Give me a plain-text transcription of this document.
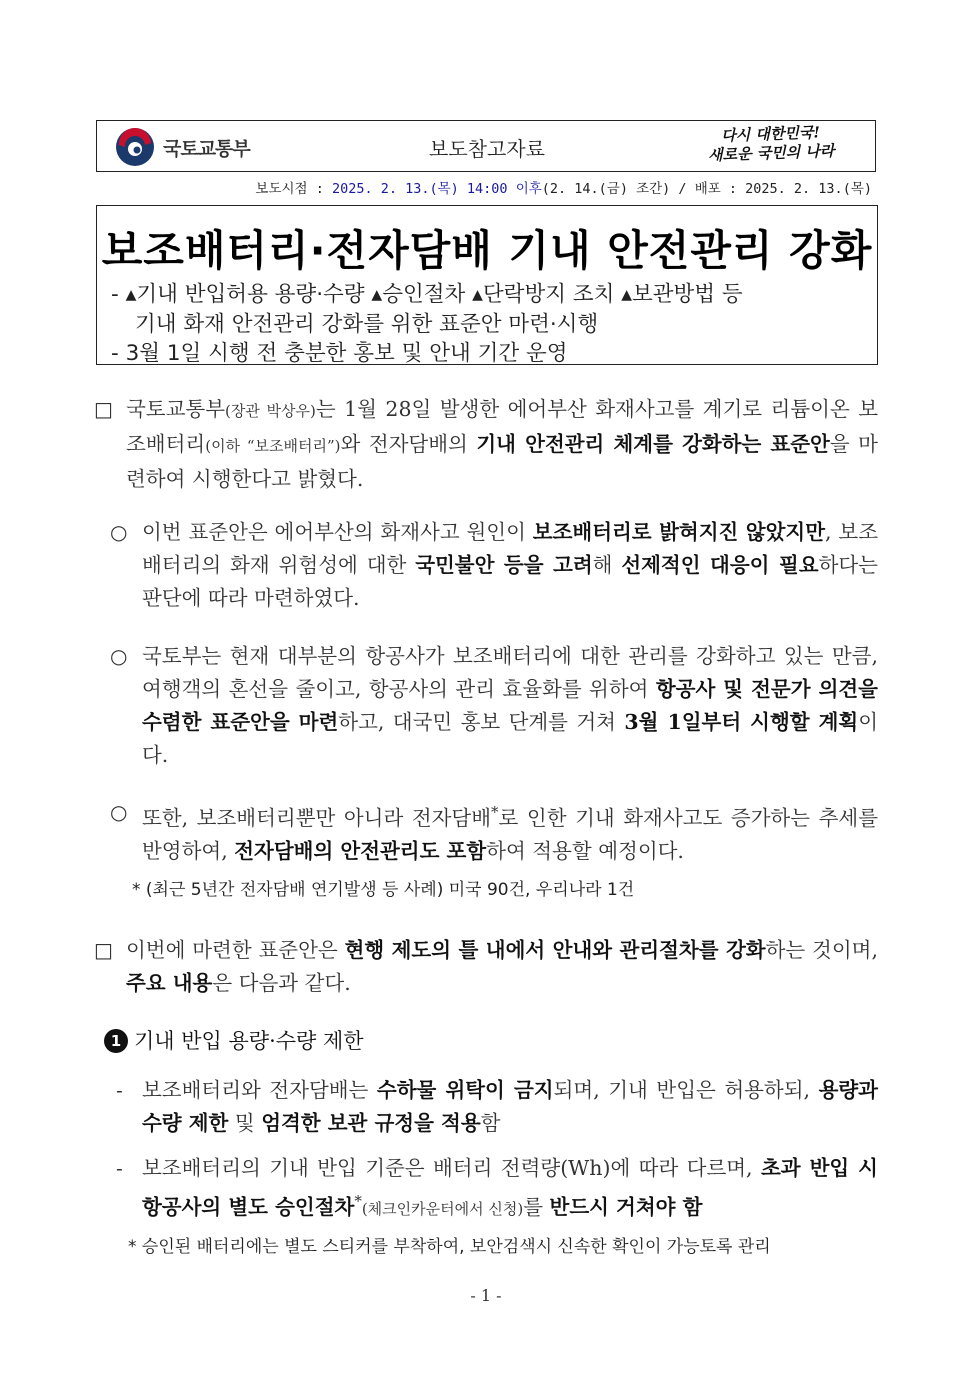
국토교통부	보도참고자료
다시 대한민국!
새로운 국민의 나라
보도시점 : 2025. 2. 13.(목) 14:00 이후(2. 14.(금) 조간) / 배포 : 2025. 2. 13.(목)
보조배터리·전자담배 기내 안전관리 강화
- ▴기내 반입허용 용량·수량 ▴승인절차 ▴단락방지 조치 ▴보관방법 등
기내 화재 안전관리 강화를 위한 표준안 마련·시행
- 3월 1일 시행 전 충분한 홍보 및 안내 기간 운영
□ 국토교통부(장관 박상우)는 1월 28일 발생한 에어부산 화재사고를 계기로 리튬이온 보조배터리(이하 “보조배터리”)와 전자담배의 기내 안전관리 체계를 강화하는 표준안을 마련하여 시행한다고 밝혔다.
○ 이번 표준안은 에어부산의 화재사고 원인이 보조배터리로 밝혀지진 않았지만, 보조배터리의 화재 위험성에 대한 국민불안 등을 고려해 선제적인 대응이 필요하다는 판단에 따라 마련하였다.
○ 국토부는 현재 대부분의 항공사가 보조배터리에 대한 관리를 강화하고 있는 만큼, 여행객의 혼선을 줄이고, 항공사의 관리 효율화를 위하여 항공사 및 전문가 의견을 수렴한 표준안을 마련하고, 대국민 홍보 단계를 거쳐 3월 1일부터 시행할 계획이다.
○ 또한, 보조배터리뿐만 아니라 전자담배*로 인한 기내 화재사고도 증가하는 추세를 반영하여, 전자담배의 안전관리도 포함하여 적용할 예정이다.
* (최근 5년간 전자담배 연기발생 등 사례) 미국 90건, 우리나라 1건
□ 이번에 마련한 표준안은 현행 제도의 틀 내에서 안내와 관리절차를 강화하는 것이며, 주요 내용은 다음과 같다.
1 기내 반입 용량·수량 제한
- 보조배터리와 전자담배는 수하물 위탁이 금지되며, 기내 반입은 허용하되, 용량과 수량 제한 및 엄격한 보관 규정을 적용함
- 보조배터리의 기내 반입 기준은 배터리 전력량(Wh)에 따라 다르며, 초과 반입 시 항공사의 별도 승인절차*(체크인카운터에서 신청)를 반드시 거쳐야 함
* 승인된 배터리에는 별도 스티커를 부착하여, 보안검색시 신속한 확인이 가능토록 관리
- 1 -
